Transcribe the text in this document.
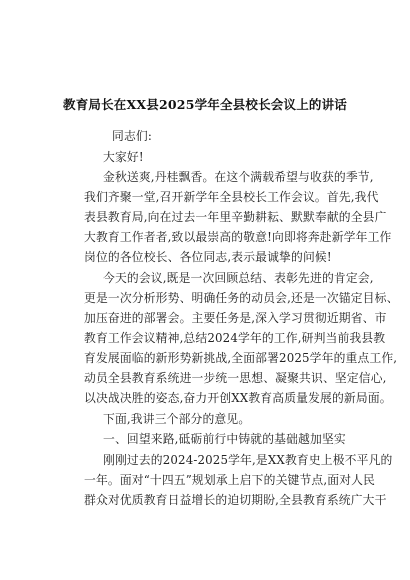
教育局长在XX县2025学年全县校长会议上的讲话
同志们:
大家好!
金秋送爽,丹桂飘香。在这个满载希望与收获的季节,
我们齐聚一堂,召开新学年全县校长工作会议。首先,我代
表县教育局,向在过去一年里辛勤耕耘、默默奉献的全县广
大教育工作者者,致以最崇高的敬意!向即将奔赴新学年工作
岗位的各位校长、各位同志,表示最诚挚的问候!
今天的会议,既是一次回顾总结、表彰先进的肯定会,
更是一次分析形势、明确任务的动员会,还是一次锚定目标、
加压奋进的部署会。主要任务是,深入学习贯彻近期省、市
教育工作会议精神,总结2024学年的工作,研判当前我县教
育发展面临的新形势新挑战,全面部署2025学年的重点工作,
动员全县教育系统进一步统一思想、凝聚共识、坚定信心,
以决战决胜的姿态,奋力开创XX教育高质量发展的新局面。
下面,我讲三个部分的意见。
一、回望来路,砥砺前行中铸就的基础越加坚实
刚刚过去的2024-2025学年,是XX教育史上极不平凡的
一年。面对“十四五”规划承上启下的关键节点,面对人民
群众对优质教育日益增长的迫切期盼,全县教育系统广大干
